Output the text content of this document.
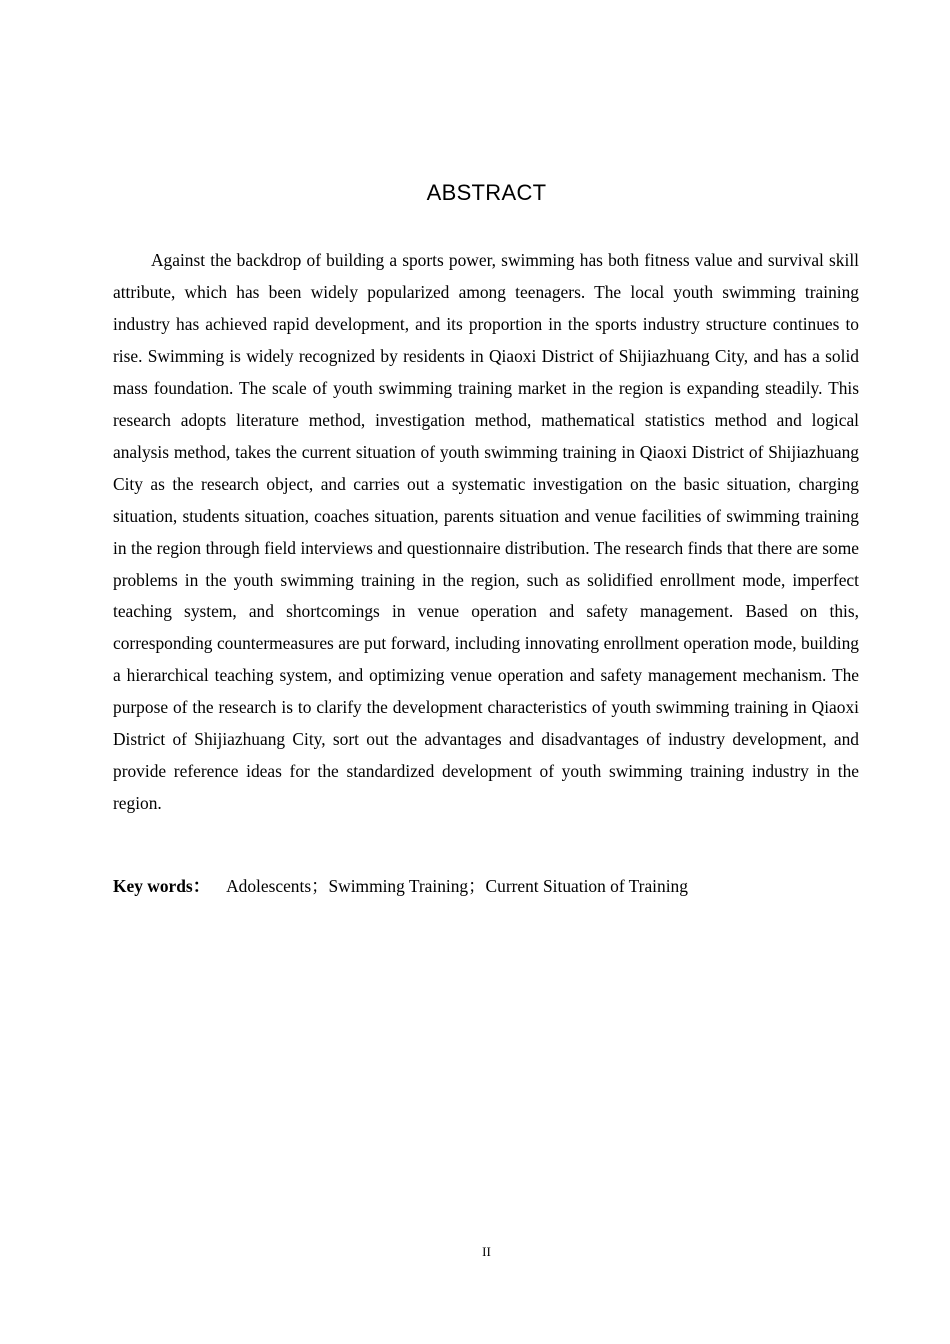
ABSTRACT

Against the backdrop of building a sports power, swimming has both fitness value and survival skill attribute, which has been widely popularized among teenagers. The local youth swimming training industry has achieved rapid development, and its proportion in the sports industry structure continues to rise. Swimming is widely recognized by residents in Qiaoxi District of Shijiazhuang City, and has a solid mass foundation. The scale of youth swimming training market in the region is expanding steadily. This research adopts literature method, investigation method, mathematical statistics method and logical analysis method, takes the current situation of youth swimming training in Qiaoxi District of Shijiazhuang City as the research object, and carries out a systematic investigation on the basic situation, charging situation, students situation, coaches situation, parents situation and venue facilities of swimming training in the region through field interviews and questionnaire distribution. The research finds that there are some problems in the youth swimming training in the region, such as solidified enrollment mode, imperfect teaching system, and shortcomings in venue operation and safety management. Based on this, corresponding countermeasures are put forward, including innovating enrollment operation mode, building a hierarchical teaching system, and optimizing venue operation and safety management mechanism. The purpose of the research is to clarify the development characteristics of youth swimming training in Qiaoxi District of Shijiazhuang City, sort out the advantages and disadvantages of industry development, and provide reference ideas for the standardized development of youth swimming training industry in the region.

Key words： Adolescents；Swimming Training；Current Situation of Training

II
